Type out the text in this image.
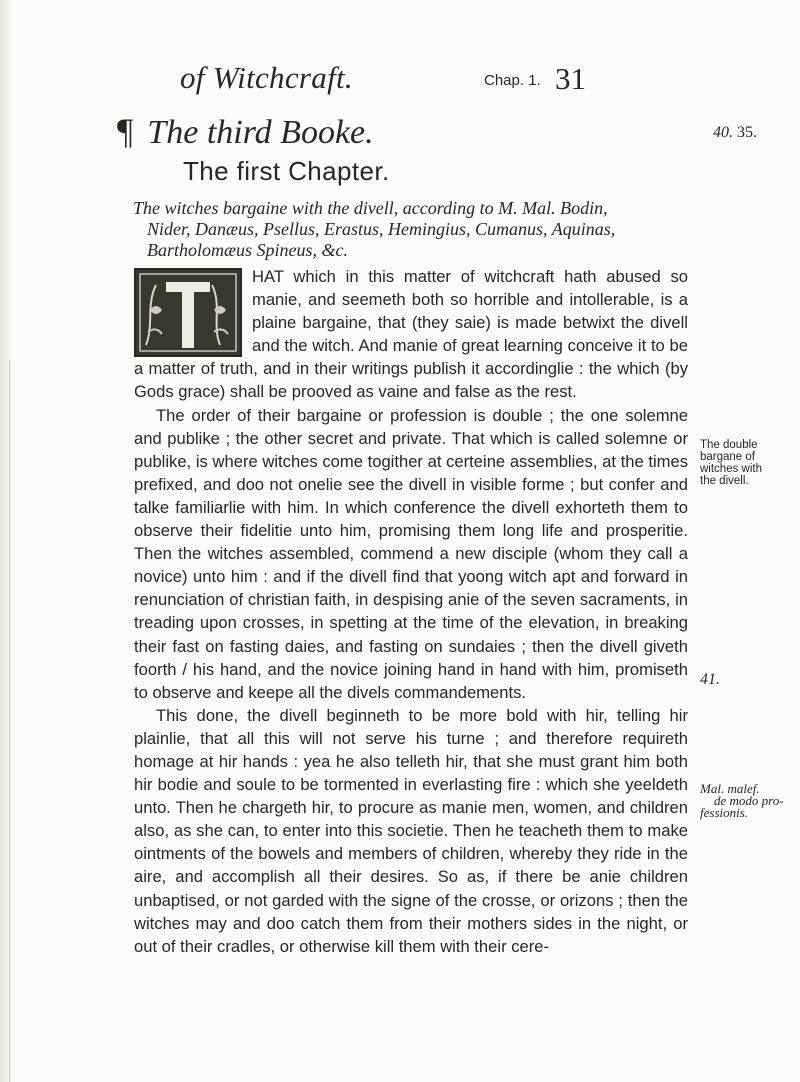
of Witchcraft.	Chap. 1. 31
¶ The third Booke.	40. 35.
The first Chapter.
The witches bargaine with the divell, according to M. Mal. Bodin,

Nider, Danæus, Psellus, Erastus, Hemingius, Cumanus, Aquinas,
Bartholomæus Spineus, &c.

HAT which in this matter of witchcraft hath abused so manie, and seemeth both so horrible and intollerable, is a plaine bargaine, that (they saie) is made betwixt the divell and the witch. And manie of great learning conceive it to be a matter of truth, and in their writings publish it accordinglie : the which (by Gods grace) shall be prooved as vaine and false as the rest.

The order of their bargaine or profession is double ; the one solemne and publike ; the other secret and private. That which is called solemne or publike, is where witches come togither at certeine assemblies, at the times prefixed, and doo not onelie see the divell in visible forme ; but confer and talke familiarlie with him. In which conference the divell exhorteth them to observe their fidelitie unto him, promising them long life and prosperitie. Then the witches assembled, commend a new disciple (whom they call a novice) unto him : and if the divell find that yoong witch apt and forward in renunciation of christian faith, in despising anie of the seven sacraments, in treading upon crosses, in spetting at the time of the elevation, in breaking their fast on fasting daies, and fasting on sundaies ; then the divell giveth foorth / his hand, and the novice joining hand in hand with him, promiseth to observe and keepe all the divels commandements.

This done, the divell beginneth to be more bold with hir, telling hir plainlie, that all this will not serve his turne ; and therefore requireth homage at hir hands : yea he also telleth hir, that she must grant him both hir bodie and soule to be tormented in everlasting fire : which she yeeldeth unto. Then he chargeth hir, to procure as manie men, women, and children also, as she can, to enter into this societie. Then he teacheth them to make ointments of the bowels and members of children, whereby they ride in the aire, and accomplish all their desires. So as, if there be anie children unbaptised, or not garded with the signe of the crosse, or orizons ; then the witches may and doo catch them from their mothers sides in the night, or out of their cradles, or otherwise kill them with their cere-

The double
bargane of
witches with
the divell.
41.
Mal. malef.
de modo pro-
fessionis.
